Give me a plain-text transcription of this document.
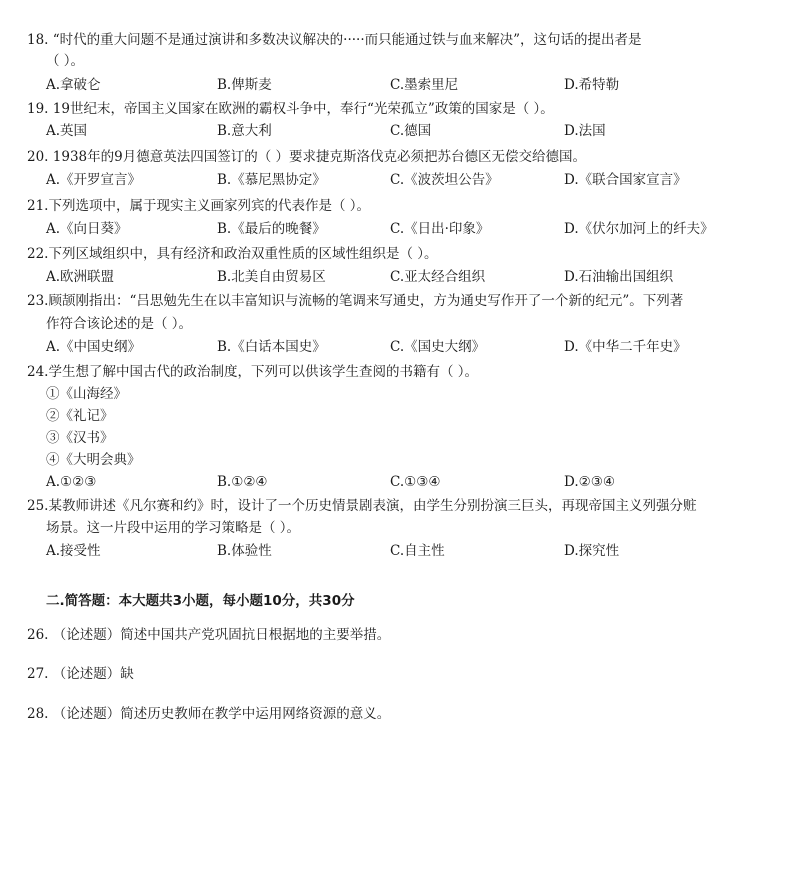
18. “时代的重大问题不是通过演讲和多数决议解决的·····而只能通过铁与血来解决”，这句话的提出者是
（ ）。
A.拿破仑	B.俾斯麦	C.墨索里尼	D.希特勒
19. 19世纪末，帝国主义国家在欧洲的霸权斗争中，奉行“光荣孤立”政策的国家是（ ）。
A.英国	B.意大利	C.德国	D.法国
20. 1938年的9月德意英法四国签订的（ ）要求捷克斯洛伐克必须把苏台德区无偿交给德国。
A.《开罗宣言》	B.《慕尼黑协定》	C.《波茨坦公告》	D.《联合国家宣言》
21.下列选项中，属于现实主义画家列宾的代表作是（ ）。
A.《向日葵》	B.《最后的晚餐》	C.《日出·印象》	D.《伏尔加河上的纤夫》
22.下列区域组织中，具有经济和政治双重性质的区域性组织是（ ）。
A.欧洲联盟	B.北美自由贸易区	C.亚太经合组织	D.石油输出国组织
23.顾颉刚指出：“吕思勉先生在以丰富知识与流畅的笔调来写通史，方为通史写作开了一个新的纪元”。下列著
作符合该论述的是（ ）。
A.《中国史纲》	B.《白话本国史》	C.《国史大纲》	D.《中华二千年史》
24.学生想了解中国古代的政治制度，下列可以供该学生查阅的书籍有（ ）。
①《山海经》
②《礼记》
③《汉书》
④《大明会典》
A.①②③	B.①②④	C.①③④	D.②③④
25.某教师讲述《凡尔赛和约》时，设计了一个历史情景剧表演，由学生分别扮演三巨头，再现帝国主义列强分赃
场景。这一片段中运用的学习策略是（ ）。
A.接受性	B.体验性	C.自主性	D.探究性
二.简答题：本大题共3小题，每小题10分，共30分
26. （论述题）简述中国共产党巩固抗日根据地的主要举措。
27. （论述题）缺
28. （论述题）简述历史教师在教学中运用网络资源的意义。
